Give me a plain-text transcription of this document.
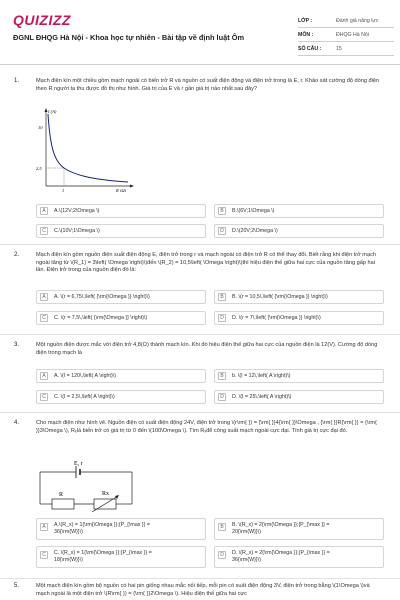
QUIZIZZ
ĐGNL ĐHQG Hà Nội - Khoa học tự nhiên - Bài tập về định luật Ôm
LỚP :	Đánh giá năng lực
MÔN :	ĐHQG Hà Nội
SỐ CÂU :	15
1.	Mạch điện kín một chiều gồm mạch ngoài có biến trở R và nguồn có suất điện động và điện trở trong là E, r. Khảo sát cường độ dòng điện theo R người ta thu được đồ thị như hình. Giá trị của E và r gần giá trị nào nhất sau đây?
I (A)
R (Ω)
10
2,5
1
A	A.\(12V;2\Omega \)	B	B.\(6V;1\Omega \)
C	C.\(10V;1\Omega \)	D	D.\(20V;2\Omega \)
2.	Mạch điện kín gồm nguồn điện suất điện động E, điện trở trong r và mạch ngoài có điện trở R có thể thay đổi. Biết rằng khi điện trở mạch ngoài tăng từ \(R_1) = 3\left( \Omega \right)\)đến \(R_2) = 10,5\left( \Omega \right)\)thì hiệu điện thế giữa hai cực của nguồn tăng gấp hai lần. Điện trở trong của nguồn điện đó là:
A	A. \(r = 6,75\,\left( {\rm{\Omega }} \right)\)	B	B. \(r = 10,5\,\left( {\rm{\Omega }} \right)\)
C	C. \(r = 7,5\,\left( {\rm{\Omega }} \right)\)	D	D. \(r = 7\,\left( {\rm{\Omega }} \right)\)
3.	Một nguồn điện được mắc với điện trở 4,8(Ω) thành mạch kín. Khi đó hiệu điện thế giữa hai cực của nguồn điện là 12(V). Cường độ dòng điện trong mạch là
A	A. \(I = 120\,\left( A \right)\)	B	b. \(I = 12\,\left( A \right)\)
C	C. \(I = 2,5\,\left( A \right)\)	D	D. \(I = 25\,\left( A \right)\)
4.	Cho mạch điện như hình vẽ. Nguồn điện có suất điện động 24V, điện trở trong \(r\rm{ }) = {\rm{ }}4{\rm{ }}\Omega , {\rm{ }}R{\rm{ }} = {\rm{ }}3\Omega \), Rₓlà biến trở có giá trị từ 0 đến \(100\Omega \). Tìm Rₓđể công suất mạch ngoài cực đại. Tính giá trị cực đại đó.
E, r
R	Rx
A	A.\(R_x) = 1{\rm{\Omega }};{P_{\max }} = 36{\rm{W}}\)
B	B. \(R_x) = 2{\rm{\Omega }};{P_{\max }} = 20{\rm{W}}\)
C	C. \(R_x) = 1{\rm{\Omega }};{P_{\max }} = 18{\rm{W}}\)
D	D. \(R_x) = 2{\rm{\Omega }};{P_{\max }} = 36{\rm{W}}\)
5.	Một mạch điện kín gồm bộ nguồn có hai pin giống nhau mắc nối tiếp, mỗi pin có suất điện động 3V, điện trở trong bằng \(1\Omega \)và mạch ngoài là một điện trở \(R\rm{ }) = {\rm{ }}2\Omega \). Hiệu điện thế giữa hai cực
